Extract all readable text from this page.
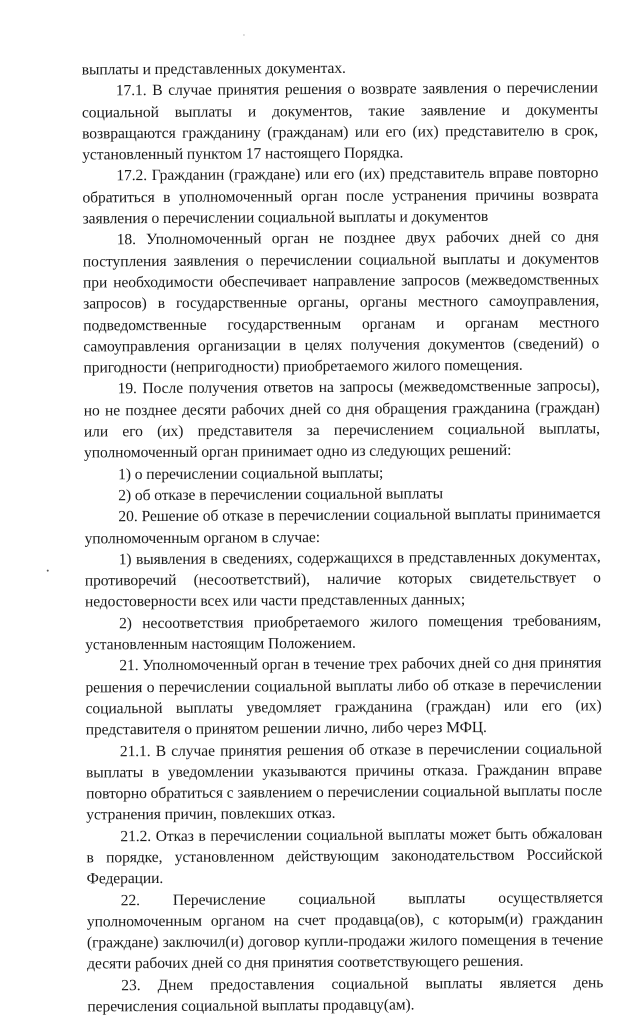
выплаты и представленных документах.

17.1. В случае принятия решения о возврате заявления о перечислении социальной выплаты и документов, такие заявление и документы возвращаются гражданину (гражданам) или его (их) представителю в срок, установленный пунктом 17 настоящего Порядка.

17.2. Гражданин (граждане) или его (их) представитель вправе повторно обратиться в уполномоченный орган после устранения причины возврата заявления о перечислении социальной выплаты и документов

18. Уполномоченный орган не позднее двух рабочих дней со дня поступления заявления о перечислении социальной выплаты и документов при необходимости обеспечивает направление запросов (межведомственных запросов) в государственные органы, органы местного самоуправления, подведомственные государственным органам и органам местного самоуправления организации в целях получения документов (сведений) о пригодности (непригодности) приобретаемого жилого помещения.

19. После получения ответов на запросы (межведомственные запросы), но не позднее десяти рабочих дней со дня обращения гражданина (граждан) или его (их) представителя за перечислением социальной выплаты, уполномоченный орган принимает одно из следующих решений:

1) о перечислении социальной выплаты;

2) об отказе в перечислении социальной выплаты

20. Решение об отказе в перечислении социальной выплаты принимается уполномоченным органом в случае:

1) выявления в сведениях, содержащихся в представленных документах, противоречий (несоответствий), наличие которых свидетельствует о недостоверности всех или части представленных данных;

2) несоответствия приобретаемого жилого помещения требованиям, установленным настоящим Положением.

21. Уполномоченный орган в течение трех рабочих дней со дня принятия решения о перечислении социальной выплаты либо об отказе в перечислении социальной выплаты уведомляет гражданина (граждан) или его (их) представителя о принятом решении лично, либо через МФЦ.

21.1. В случае принятия решения об отказе в перечислении социальной выплаты в уведомлении указываются причины отказа. Гражданин вправе повторно обратиться с заявлением о перечислении социальной выплаты после устранения причин, повлекших отказ.

21.2. Отказ в перечислении социальной выплаты может быть обжалован в порядке, установленном действующим законодательством Российской Федерации.

22. Перечисление социальной выплаты осуществляется уполномоченным органом на счет продавца(ов), с которым(и) гражданин (граждане) заключил(и) договор купли-продажи жилого помещения в течение десяти рабочих дней со дня принятия соответствующего решения.

23. Днем предоставления социальной выплаты является день перечисления социальной выплаты продавцу(ам).
